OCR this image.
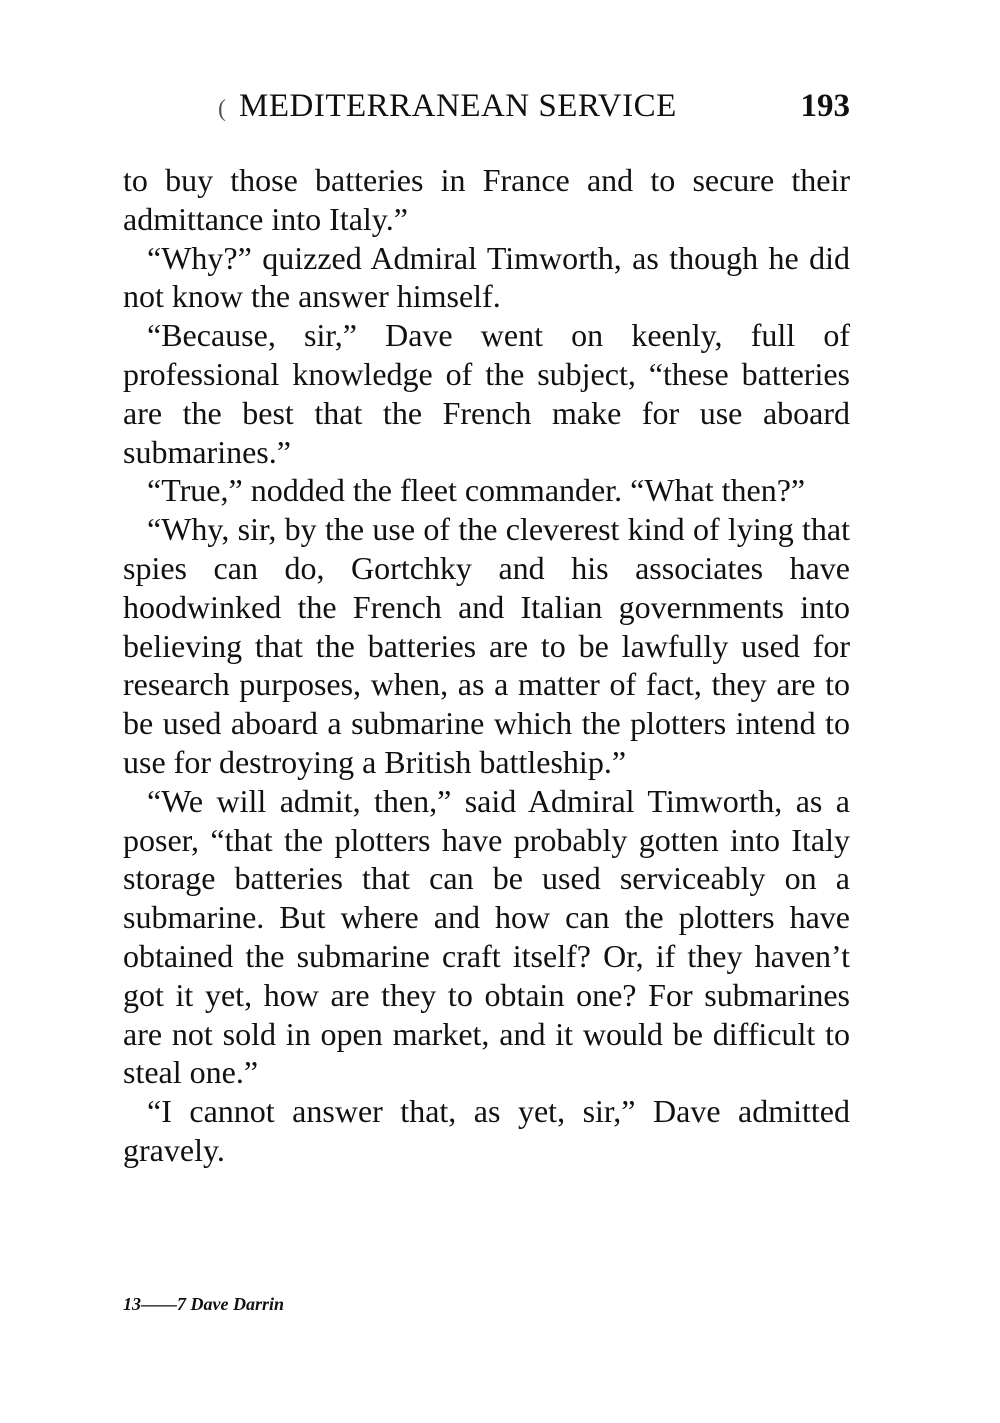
( MEDITERRANEAN SERVICE	193

to buy those batteries in France and to secure their admittance into Italy.”

“Why?” quizzed Admiral Timworth, as though he did not know the answer himself.

“Because, sir,” Dave went on keenly, full of professional knowledge of the subject, “these batteries are the best that the French make for use aboard submarines.”

“True,” nodded the fleet commander. “What then?”

“Why, sir, by the use of the cleverest kind of lying that spies can do, Gortchky and his associates have hoodwinked the French and Italian governments into believing that the batteries are to be lawfully used for research purposes, when, as a matter of fact, they are to be used aboard a submarine which the plotters intend to use for destroying a British battleship.”

“We will admit, then,” said Admiral Timworth, as a poser, “that the plotters have probably gotten into Italy storage batteries that can be used serviceably on a submarine. But where and how can the plotters have obtained the submarine craft itself? Or, if they haven’t got it yet, how are they to obtain one? For submarines are not sold in open market, and it would be difficult to steal one.”

“I cannot answer that, as yet, sir,” Dave admitted gravely.

13——7 Dave Darrin
